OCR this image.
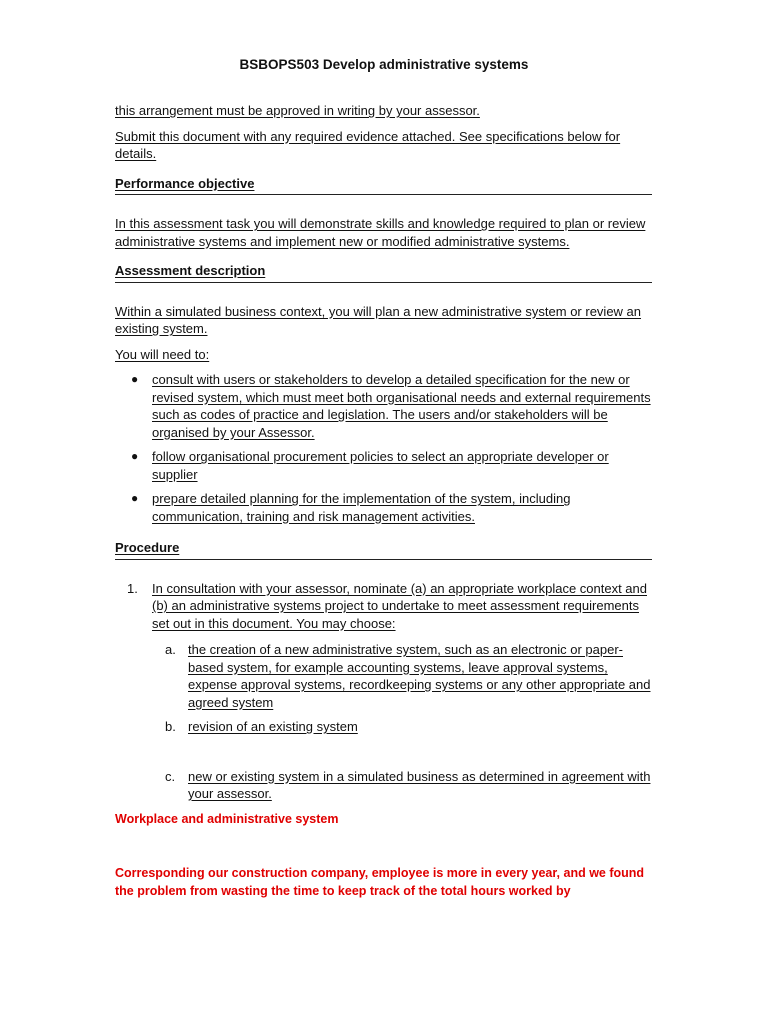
BSBOPS503 Develop administrative systems

this arrangement must be approved in writing by your assessor.

Submit this document with any required evidence attached. See specifications below for details.

Performance objective

In this assessment task you will demonstrate skills and knowledge required to plan or review administrative systems and implement new or modified administrative systems.

Assessment description

Within a simulated business context, you will plan a new administrative system or review an existing system.

You will need to:

● consult with users or stakeholders to develop a detailed specification for the new or revised system, which must meet both organisational needs and external requirements such as codes of practice and legislation. The users and/or stakeholders will be organised by your Assessor.
● follow organisational procurement policies to select an appropriate developer or supplier
● prepare detailed planning for the implementation of the system, including communication, training and risk management activities.
Procedure
1. In consultation with your assessor, nominate (a) an appropriate workplace context and (b) an administrative systems project to undertake to meet assessment requirements set out in this document. You may choose:
a. the creation of a new administrative system, such as an electronic or paper-based system, for example accounting systems, leave approval systems, expense approval systems, recordkeeping systems or any other appropriate and agreed system
b. revision of an existing system
c. new or existing system in a simulated business as determined in agreement with your assessor.

Workplace and administrative system

Corresponding our construction company, employee is more in every year, and we found the problem from wasting the time to keep track of the total hours worked by
